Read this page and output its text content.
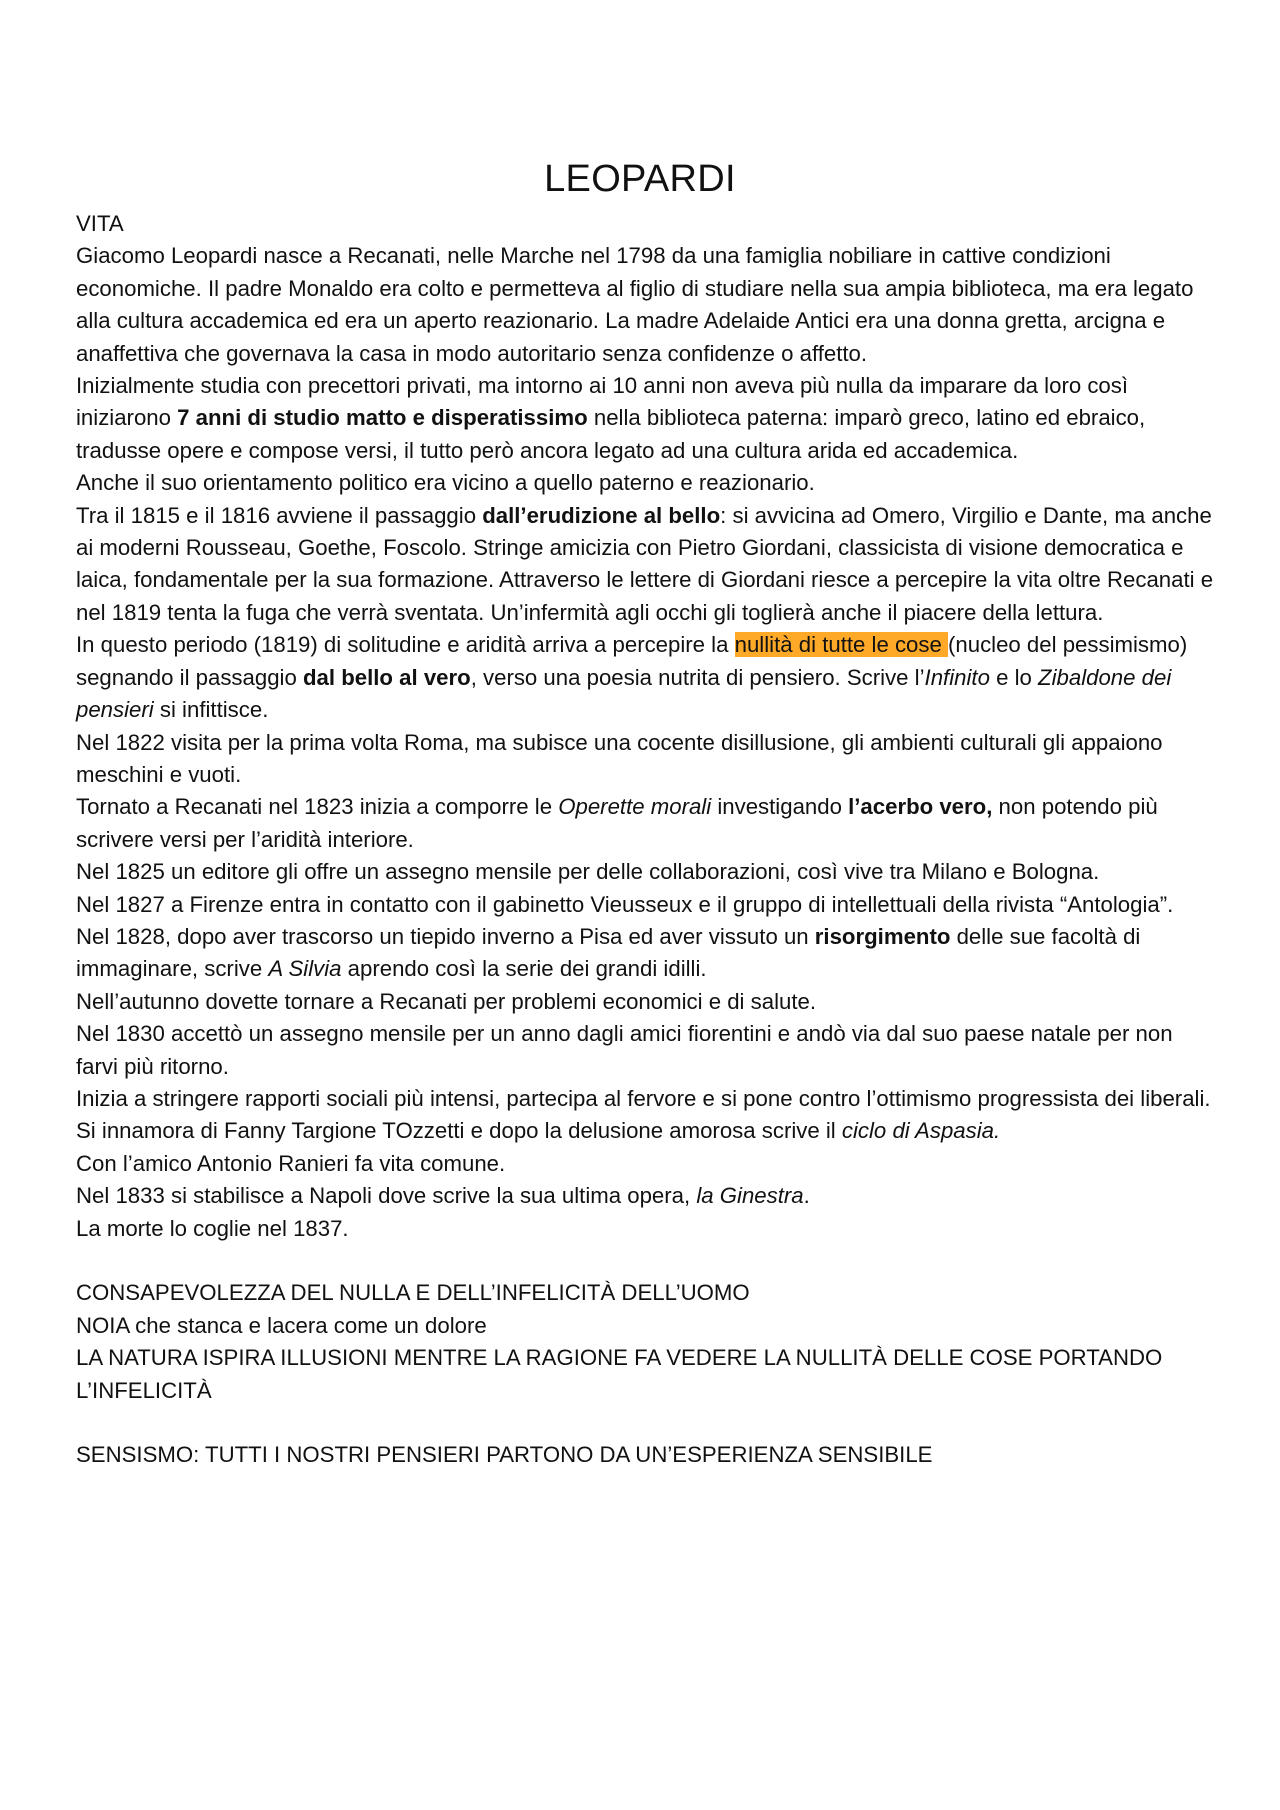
LEOPARDI

VITA

Giacomo Leopardi nasce a Recanati, nelle Marche nel 1798 da una famiglia nobiliare in cattive condizioni economiche. Il padre Monaldo era colto e permetteva al figlio di studiare nella sua ampia biblioteca, ma era legato alla cultura accademica ed era un aperto reazionario. La madre Adelaide Antici era una donna gretta, arcigna e anaffettiva che governava la casa in modo autoritario senza confidenze o affetto.

Inizialmente studia con precettori privati, ma intorno ai 10 anni non aveva più nulla da imparare da loro così iniziarono 7 anni di studio matto e disperatissimo nella biblioteca paterna: imparò greco, latino ed ebraico, tradusse opere e compose versi, il tutto però ancora legato ad una cultura arida ed accademica.

Anche il suo orientamento politico era vicino a quello paterno e reazionario.

Tra il 1815 e il 1816 avviene il passaggio dall’erudizione al bello: si avvicina ad Omero, Virgilio e Dante, ma anche ai moderni Rousseau, Goethe, Foscolo. Stringe amicizia con Pietro Giordani, classicista di visione democratica e laica, fondamentale per la sua formazione. Attraverso le lettere di Giordani riesce a percepire la vita oltre Recanati e nel 1819 tenta la fuga che verrà sventata. Un’infermità agli occhi gli toglierà anche il piacere della lettura.

In questo periodo (1819) di solitudine e aridità arriva a percepire la nullità di tutte le cose (nucleo del pessimismo) segnando il passaggio dal bello al vero, verso una poesia nutrita di pensiero. Scrive l’Infinito e lo Zibaldone dei pensieri si infittisce.

Nel 1822 visita per la prima volta Roma, ma subisce una cocente disillusione, gli ambienti culturali gli appaiono meschini e vuoti.

Tornato a Recanati nel 1823 inizia a comporre le Operette morali investigando l’acerbo vero, non potendo più scrivere versi per l’aridità interiore.

Nel 1825 un editore gli offre un assegno mensile per delle collaborazioni, così vive tra Milano e Bologna.

Nel 1827 a Firenze entra in contatto con il gabinetto Vieusseux e il gruppo di intellettuali della rivista “Antologia”.

Nel 1828, dopo aver trascorso un tiepido inverno a Pisa ed aver vissuto un risorgimento delle sue facoltà di immaginare, scrive A Silvia aprendo così la serie dei grandi idilli.

Nell’autunno dovette tornare a Recanati per problemi economici e di salute.

Nel 1830 accettò un assegno mensile per un anno dagli amici fiorentini e andò via dal suo paese natale per non farvi più ritorno.

Inizia a stringere rapporti sociali più intensi, partecipa al fervore e si pone contro l’ottimismo progressista dei liberali. Si innamora di Fanny Targione TOzzetti e dopo la delusione amorosa scrive il ciclo di Aspasia.

Con l’amico Antonio Ranieri fa vita comune.

Nel 1833 si stabilisce a Napoli dove scrive la sua ultima opera, la Ginestra.

La morte lo coglie nel 1837.

CONSAPEVOLEZZA DEL NULLA E DELL’INFELICITÀ DELL’UOMO

NOIA che stanca e lacera come un dolore

LA NATURA ISPIRA ILLUSIONI MENTRE LA RAGIONE FA VEDERE LA NULLITÀ DELLE COSE PORTANDO L’INFELICITÀ

SENSISMO: TUTTI I NOSTRI PENSIERI PARTONO DA UN’ESPERIENZA SENSIBILE
